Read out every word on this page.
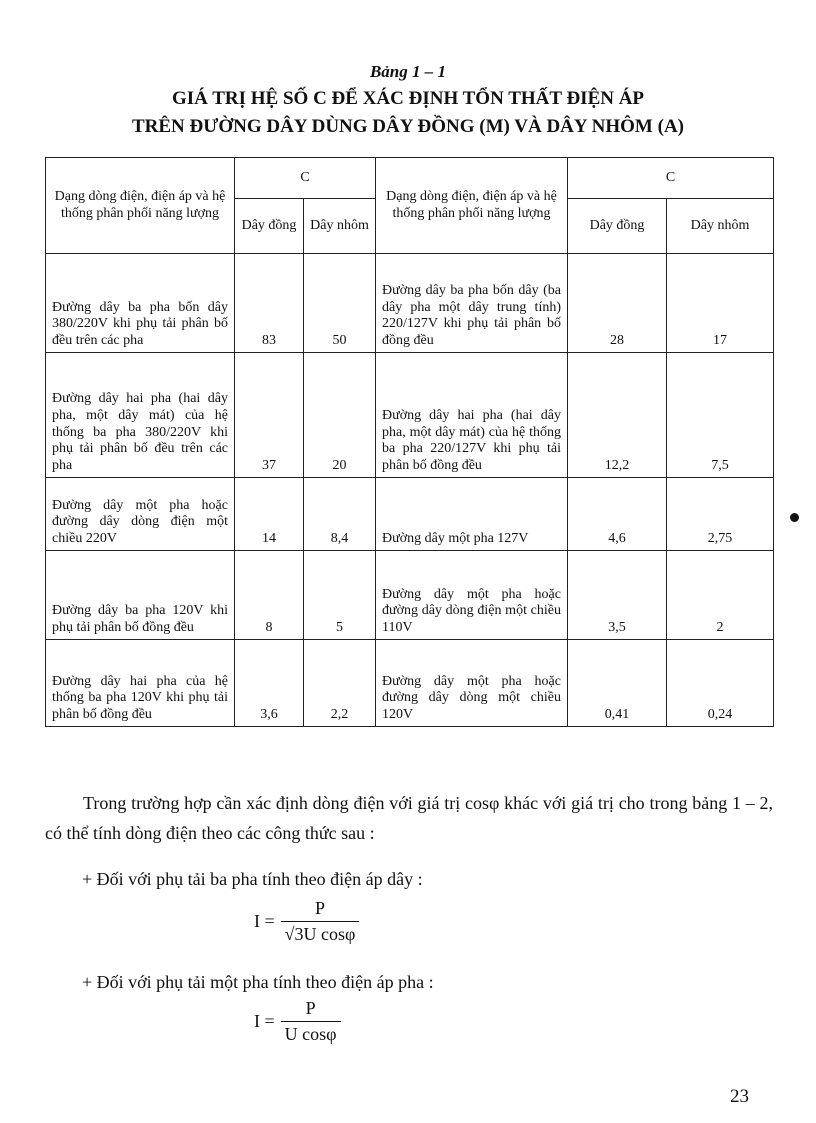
Bảng 1 – 1
GIÁ TRỊ HỆ SỐ C ĐỂ XÁC ĐỊNH TỔN THẤT ĐIỆN ÁP
TRÊN ĐƯỜNG DÂY DÙNG DÂY ĐỒNG (M) VÀ DÂY NHÔM (A)
Dạng dòng điện, điện áp và hệ thống phân phối năng lượng	C		Dạng dòng điện, điện áp và hệ thống phân phối năng lượng	C	
	Dây đồng	Dây nhôm		Dây đồng	Dây nhôm
Đường dây ba pha bốn dây 380/220V khi phụ tải phân bố đều trên các pha	83	50	Đường dây ba pha bốn dây (ba dây pha một dây trung tính) 220/127V khi phụ tải phân bố đồng đều	28	17
Đường dây hai pha (hai dây pha, một dây mát) của hệ thống ba pha 380/220V khi phụ tải phân bố đều trên các pha	37	20	Đường dây hai pha (hai dây pha, một dây mát) của hệ thống ba pha 220/127V khi phụ tải phân bố đồng đều	12,2	7,5
Đường dây một pha hoặc đường dây dòng điện một chiều 220V	14	8,4	Đường dây một pha 127V	4,6	2,75
Đường dây ba pha 120V khi phụ tải phân bố đồng đều	8	5	Đường dây một pha hoặc đường dây dòng điện một chiều 110V	3,5	2
Đường dây hai pha của hệ thống ba pha 120V khi phụ tải phân bố đồng đều	3,6	2,2	Đường dây một pha hoặc đường dây dòng một chiều 120V	0,41	0,24
Trong trường hợp cần xác định dòng điện với giá trị cosφ khác với giá trị cho trong bảng 1 – 2, có thể tính dòng điện theo các công thức sau :
+ Đối với phụ tải ba pha tính theo điện áp dây :
$I = \frac{P}{\text{√3U cosφ}}$
+ Đối với phụ tải một pha tính theo điện áp pha :
$I = \frac{P}{\text{U cosφ}}$
23
